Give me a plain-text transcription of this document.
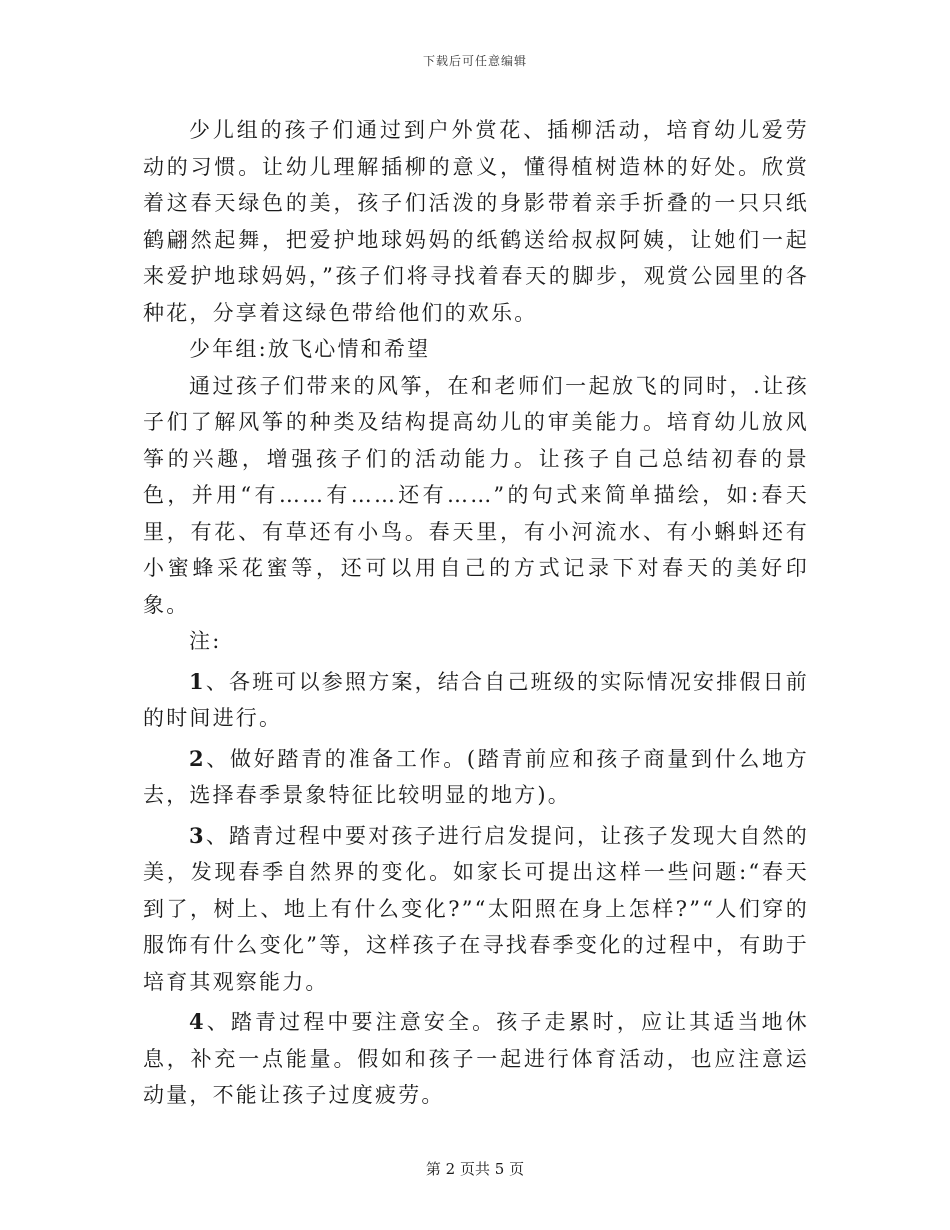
下载后可任意编辑

少儿组的孩子们通过到户外赏花、插柳活动，培育幼儿爱劳动的习惯。让幼儿理解插柳的意义，懂得植树造林的好处。欣赏着这春天绿色的美，孩子们活泼的身影带着亲手折叠的一只只纸鹤翩然起舞，把爱护地球妈妈的纸鹤送给叔叔阿姨，让她们一起来爱护地球妈妈，”孩子们将寻找着春天的脚步，观赏公园里的各种花，分享着这绿色带给他们的欢乐。

少年组:放飞心情和希望

通过孩子们带来的风筝，在和老师们一起放飞的同时，.让孩子们了解风筝的种类及结构提高幼儿的审美能力。培育幼儿放风筝的兴趣，增强孩子们的活动能力。让孩子自己总结初春的景色，并用“有……有……还有……”的句式来简单描绘，如:春天里，有花、有草还有小鸟。春天里，有小河流水、有小蝌蚪还有小蜜蜂采花蜜等，还可以用自己的方式记录下对春天的美好印象。

注:

1、各班可以参照方案，结合自己班级的实际情况安排假日前的时间进行。

2、做好踏青的准备工作。(踏青前应和孩子商量到什么地方去，选择春季景象特征比较明显的地方)。

3、踏青过程中要对孩子进行启发提问，让孩子发现大自然的美，发现春季自然界的变化。如家长可提出这样一些问题:“春天到了，树上、地上有什么变化?”“太阳照在身上怎样?”“人们穿的服饰有什么变化”等，这样孩子在寻找春季变化的过程中，有助于培育其观察能力。

4、踏青过程中要注意安全。孩子走累时，应让其适当地休息，补充一点能量。假如和孩子一起进行体育活动，也应注意运动量，不能让孩子过度疲劳。

第 2 页共 5 页
